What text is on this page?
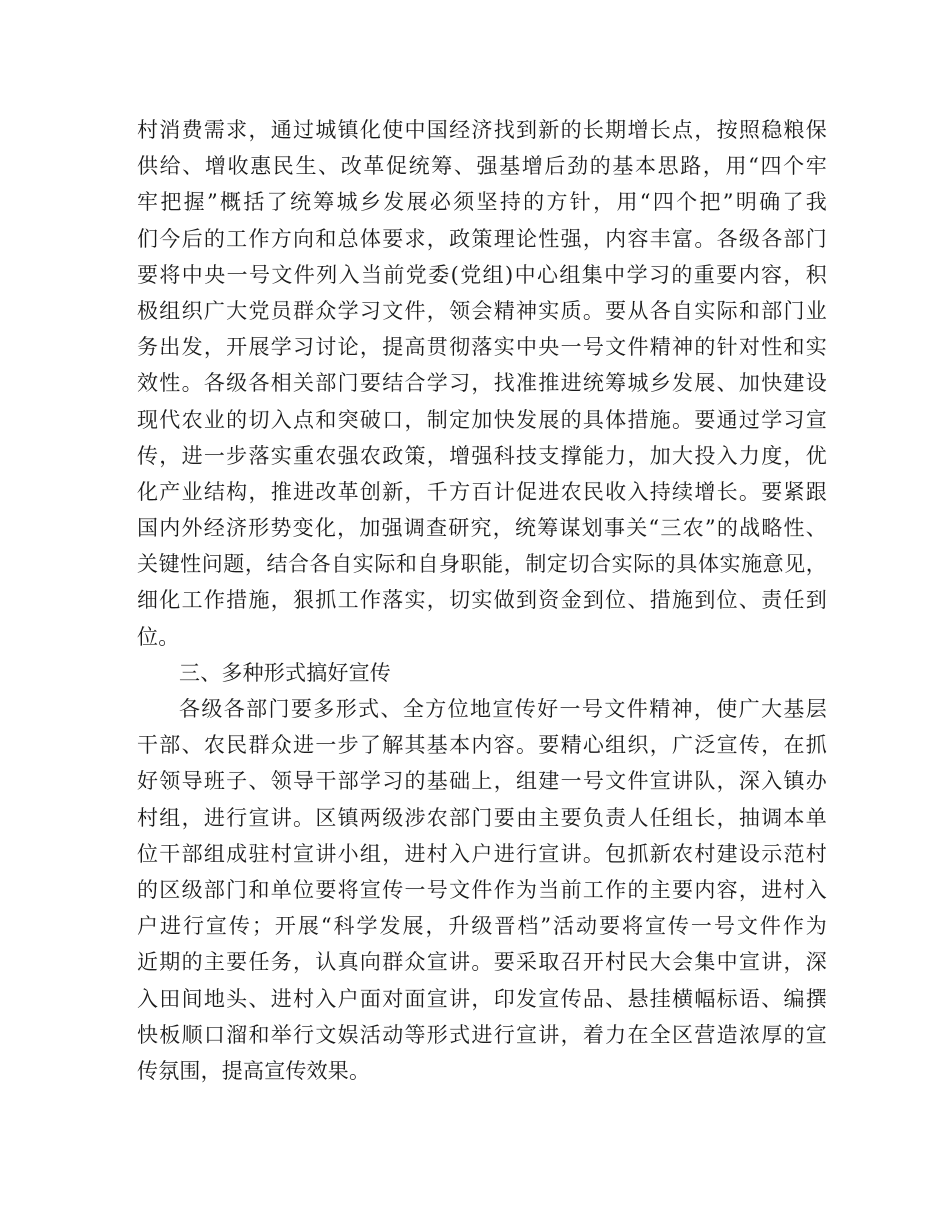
村消费需求，通过城镇化使中国经济找到新的长期增长点，按照稳粮保
供给、增收惠民生、改革促统筹、强基增后劲的基本思路，用“四个牢
牢把握”概括了统筹城乡发展必须坚持的方针，用“四个把”明确了我
们今后的工作方向和总体要求，政策理论性强，内容丰富。各级各部门
要将中央一号文件列入当前党委(党组)中心组集中学习的重要内容，积
极组织广大党员群众学习文件，领会精神实质。要从各自实际和部门业
务出发，开展学习讨论，提高贯彻落实中央一号文件精神的针对性和实
效性。各级各相关部门要结合学习，找准推进统筹城乡发展、加快建设
现代农业的切入点和突破口，制定加快发展的具体措施。要通过学习宣
传，进一步落实重农强农政策，增强科技支撑能力，加大投入力度，优
化产业结构，推进改革创新，千方百计促进农民收入持续增长。要紧跟
国内外经济形势变化，加强调查研究，统筹谋划事关“三农”的战略性、
关键性问题，结合各自实际和自身职能，制定切合实际的具体实施意见，
细化工作措施，狠抓工作落实，切实做到资金到位、措施到位、责任到
位。
三、多种形式搞好宣传
各级各部门要多形式、全方位地宣传好一号文件精神，使广大基层
干部、农民群众进一步了解其基本内容。要精心组织，广泛宣传，在抓
好领导班子、领导干部学习的基础上，组建一号文件宣讲队，深入镇办
村组，进行宣讲。区镇两级涉农部门要由主要负责人任组长，抽调本单
位干部组成驻村宣讲小组，进村入户进行宣讲。包抓新农村建设示范村
的区级部门和单位要将宣传一号文件作为当前工作的主要内容，进村入
户进行宣传；开展“科学发展，升级晋档”活动要将宣传一号文件作为
近期的主要任务，认真向群众宣讲。要采取召开村民大会集中宣讲，深
入田间地头、进村入户面对面宣讲，印发宣传品、悬挂横幅标语、编撰
快板顺口溜和举行文娱活动等形式进行宣讲，着力在全区营造浓厚的宣
传氛围，提高宣传效果。
